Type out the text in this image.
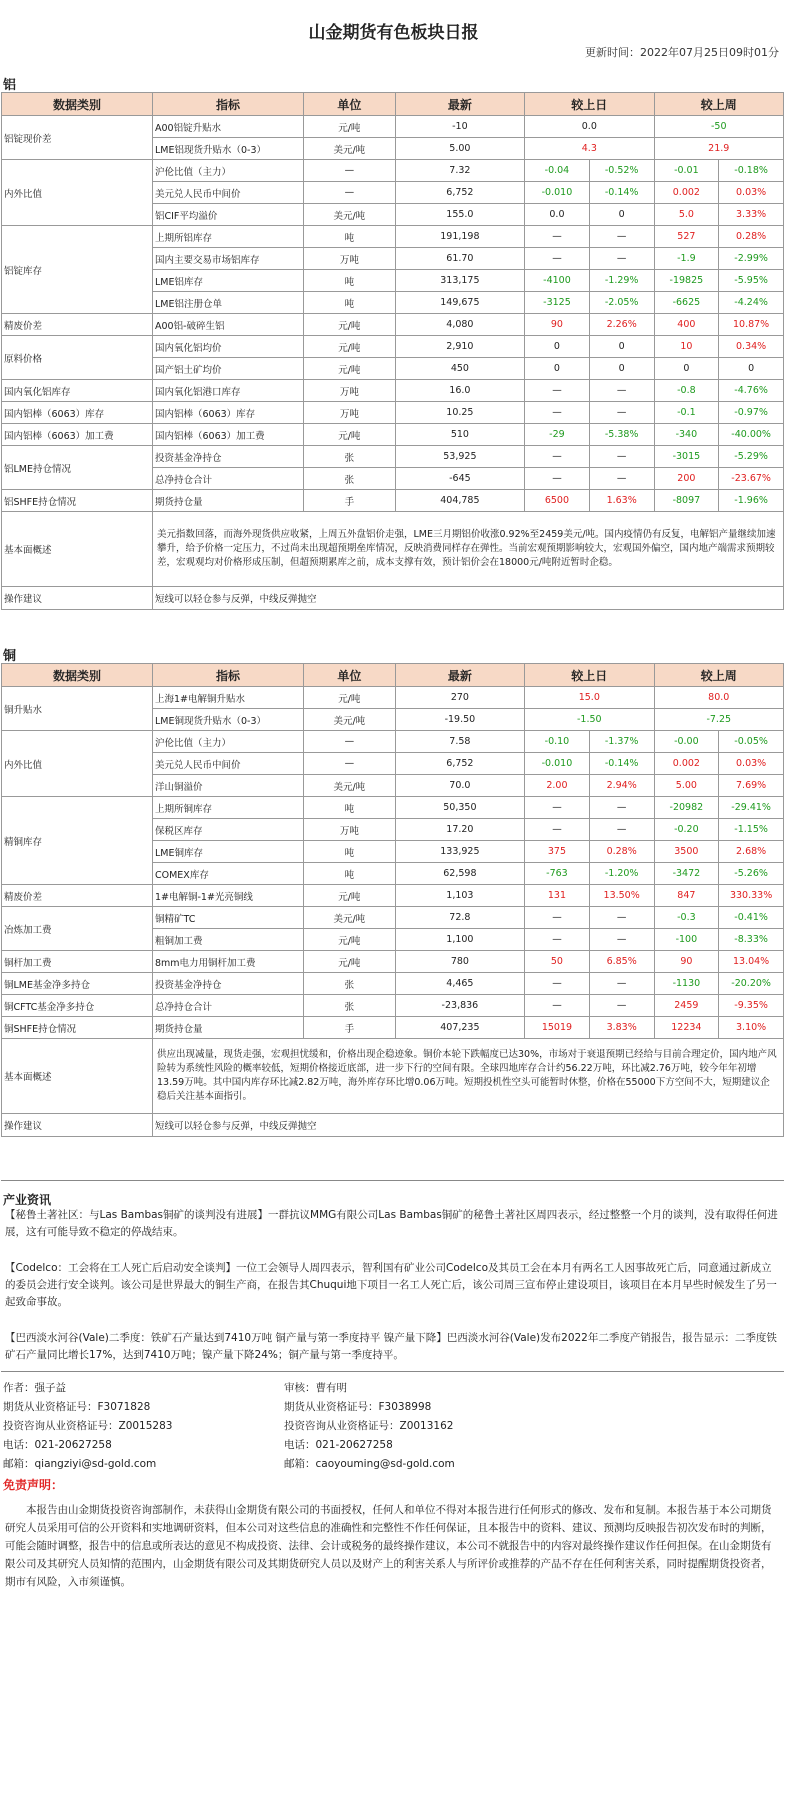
山金期货有色板块日报
更新时间：2022年07月25日09时01分
铝
数据类别	指标	单位	最新	较上日		较上周	
铝锭现价差	A00铝锭升贴水	元/吨	-10	0.0		-50	
	LME铝现货升贴水（0-3）	美元/吨	5.00	4.3		21.9	
内外比值	沪伦比值（主力）	—	7.32	-0.04	-0.52%	-0.01	-0.18%
	美元兑人民币中间价	—	6,752	-0.010	-0.14%	0.002	0.03%
	铝CIF平均溢价	美元/吨	155.0	0.0	0	5.0	3.33%
铝锭库存	上期所铝库存	吨	191,198	—	—	527	0.28%
	国内主要交易市场铝库存	万吨	61.70	—	—	-1.9	-2.99%
	LME铝库存	吨	313,175	-4100	-1.29%	-19825	-5.95%
	LME铝注册仓单	吨	149,675	-3125	-2.05%	-6625	-4.24%
精废价差	A00铝-破碎生铝	元/吨	4,080	90	2.26%	400	10.87%
原料价格	国内氧化铝均价	元/吨	2,910	0	0	10	0.34%
	国产铝土矿均价	元/吨	450	0	0	0	0
国内氧化铝库存	国内氧化铝港口库存	万吨	16.0	—	—	-0.8	-4.76%
国内铝棒（6063）库存	国内铝棒（6063）库存	万吨	10.25	—	—	-0.1	-0.97%
国内铝棒（6063）加工费	国内铝棒（6063）加工费	元/吨	510	-29	-5.38%	-340	-40.00%
铝LME持仓情况	投资基金净持仓	张	53,925	—	—	-3015	-5.29%
	总净持仓合计	张	-645	—	—	200	-23.67%
铝SHFE持仓情况	期货持仓量	手	404,785	6500	1.63%	-8097	-1.96%
基本面概述	美元指数回落，而海外现货供应收紧，上周五外盘铝价走强，LME三月期铝价收涨0.92%至2459美元/吨。国内疫情仍有反复，电解铝产量继续加速攀升，给予价格一定压力，不过尚未出现超预期垒库情况，反映消费同样存在弹性。当前宏观预期影响较大，宏观国外偏空，国内地产端需求预期较差，宏观观均对价格形成压制，但超预期累库之前，成本支撑有效，预计铝价会在18000元/吨附近暂时企稳。						
操作建议	短线可以轻仓参与反弹，中线反弹抛空						
铜
数据类别	指标	单位	最新	较上日		较上周	
铜升贴水	上海1#电解铜升贴水	元/吨	270	15.0		80.0	
	LME铜现货升贴水（0-3）	美元/吨	-19.50	-1.50		-7.25	
内外比值	沪伦比值（主力）	—	7.58	-0.10	-1.37%	-0.00	-0.05%
	美元兑人民币中间价	—	6,752	-0.010	-0.14%	0.002	0.03%
	洋山铜溢价	美元/吨	70.0	2.00	2.94%	5.00	7.69%
精铜库存	上期所铜库存	吨	50,350	—	—	-20982	-29.41%
	保税区库存	万吨	17.20	—	—	-0.20	-1.15%
	LME铜库存	吨	133,925	375	0.28%	3500	2.68%
	COMEX库存	吨	62,598	-763	-1.20%	-3472	-5.26%
精废价差	1#电解铜-1#光亮铜线	元/吨	1,103	131	13.50%	847	330.33%
冶炼加工费	铜精矿TC	美元/吨	72.8	—	—	-0.3	-0.41%
	粗铜加工费	元/吨	1,100	—	—	-100	-8.33%
铜杆加工费	8mm电力用铜杆加工费	元/吨	780	50	6.85%	90	13.04%
铜LME基金净多持仓	投资基金净持仓	张	4,465	—	—	-1130	-20.20%
铜CFTC基金净多持仓	总净持仓合计	张	-23,836	—	—	2459	-9.35%
铜SHFE持仓情况	期货持仓量	手	407,235	15019	3.83%	12234	3.10%
基本面概述	供应出现减量，现货走强，宏观担忧缓和，价格出现企稳迹象。铜价本轮下跌幅度已达30%，市场对于衰退预期已经给与目前合理定价，国内地产风险转为系统性风险的概率较低，短期价格接近底部，进一步下行的空间有限。全球四地库存合计约56.22万吨，环比减2.76万吨，较今年年初增13.59万吨。其中国内库存环比减2.82万吨，海外库存环比增0.06万吨。短期投机性空头可能暂时休整，价格在55000下方空间不大，短期建议企稳后关注基本面指引。						
操作建议	短线可以轻仓参与反弹，中线反弹抛空						
产业资讯
【秘鲁土著社区：与Las Bambas铜矿的谈判没有进展】一群抗议MMG有限公司Las Bambas铜矿的秘鲁土著社区周四表示，经过整整一个月的谈判，没有取得任何进展，这有可能导致不稳定的停战结束。
【Codelco：工会将在工人死亡后启动安全谈判】一位工会领导人周四表示，智利国有矿业公司Codelco及其员工会在本月有两名工人因事故死亡后，同意通过新成立的委员会进行安全谈判。该公司是世界最大的铜生产商，在报告其Chuqui地下项目一名工人死亡后，该公司周三宣布停止建设项目，该项目在本月早些时候发生了另一起致命事故。
【巴西淡水河谷(Vale)二季度：铁矿石产量达到7410万吨 铜产量与第一季度持平 镍产量下降】巴西淡水河谷(Vale)发布2022年二季度产销报告，报告显示：二季度铁矿石产量同比增长17%，达到7410万吨；镍产量下降24%；铜产量与第一季度持平。
作者：强子益
期货从业资格证号：F3071828
投资咨询从业资格证号：Z0015283
电话：021-20627258
邮箱：qiangziyi@sd-gold.com
审核：曹有明
期货从业资格证号：F3038998
投资咨询从业资格证号：Z0013162
电话：021-20627258
邮箱：caoyouming@sd-gold.com
免责声明：
本报告由山金期货投资咨询部制作，未获得山金期货有限公司的书面授权，任何人和单位不得对本报告进行任何形式的修改、发布和复制。本报告基于本公司期货研究人员采用可信的公开资料和实地调研资料，但本公司对这些信息的准确性和完整性不作任何保证，且本报告中的资料、建议、预测均反映报告初次发布时的判断，可能会随时调整，报告中的信息或所表达的意见不构成投资、法律、会计或税务的最终操作建议，本公司不就报告中的内容对最终操作建议作任何担保。在山金期货有限公司及其研究人员知情的范围内，山金期货有限公司及其期货研究人员以及财产上的利害关系人与所评价或推荐的产品不存在任何利害关系，同时提醒期货投资者，期市有风险，入市须谨慎。
